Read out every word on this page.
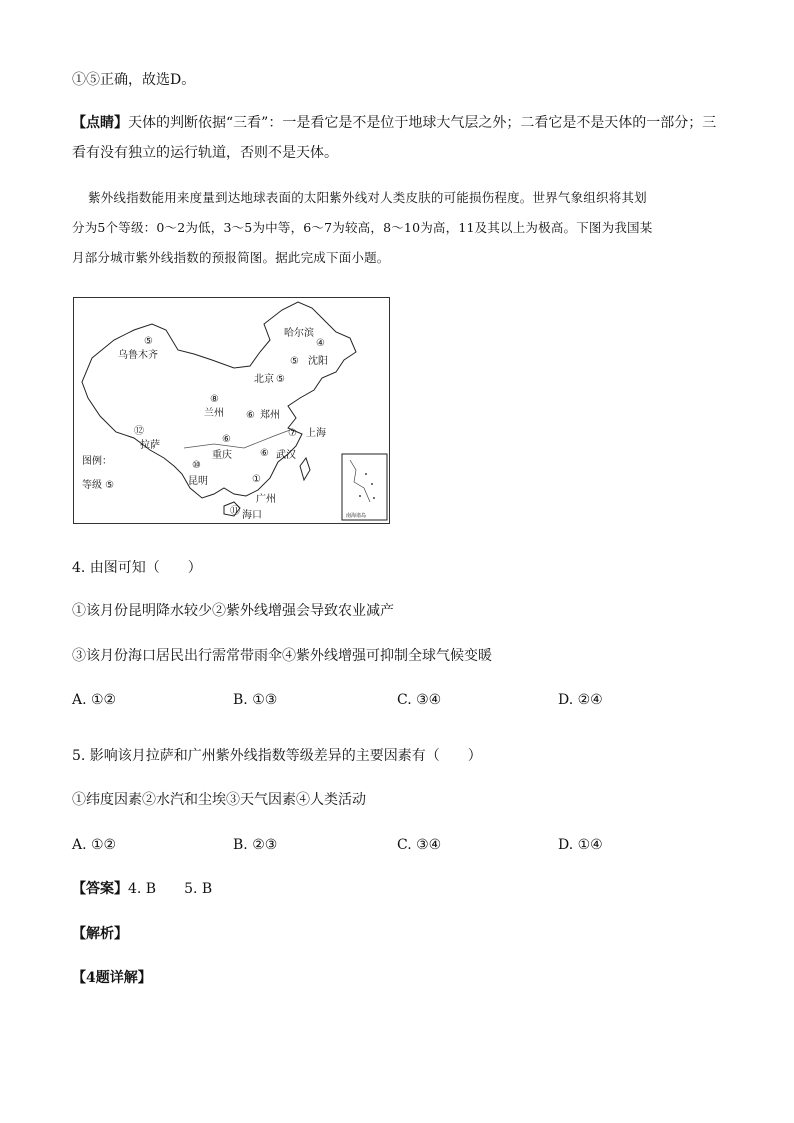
①⑤正确，故选D。
【点睛】天体的判断依据“三看”：一是看它是不是位于地球大气层之外；二看它是不是天体的一部分；三
看有没有独立的运行轨道，否则不是天体。
紫外线指数能用来度量到达地球表面的太阳紫外线对人类皮肤的可能损伤程度。世界气象组织将其划
分为5个等级：0～2为低，3～5为中等，6～7为较高，8～10为高，11及其以上为极高。下图为我国某
月部分城市紫外线指数的预报简图。据此完成下面小题。
哈尔滨
④
⑤ 沈阳
⑤
乌鲁木齐
北京 ⑤
⑧
兰州 ⑥ 郑州
⑫
拉萨
⑦ 上海
⑥
重庆	⑥ 武汉
⑩
昆明	①
广州
⑪ 海口
图例：
等级 ⑤
南海诸岛
4. 由图可知（　　）
①该月份昆明降水较少②紫外线增强会导致农业减产
③该月份海口居民出行需常带雨伞④紫外线增强可抑制全球气候变暖
A. ①②	B. ①③	C. ③④	D. ②④
5. 影响该月拉萨和广州紫外线指数等级差异的主要因素有（　　）
①纬度因素②水汽和尘埃③天气因素④人类活动
A. ①②	B. ②③	C. ③④	D. ①④
【答案】4. B　　5. B
【解析】
【4题详解】
